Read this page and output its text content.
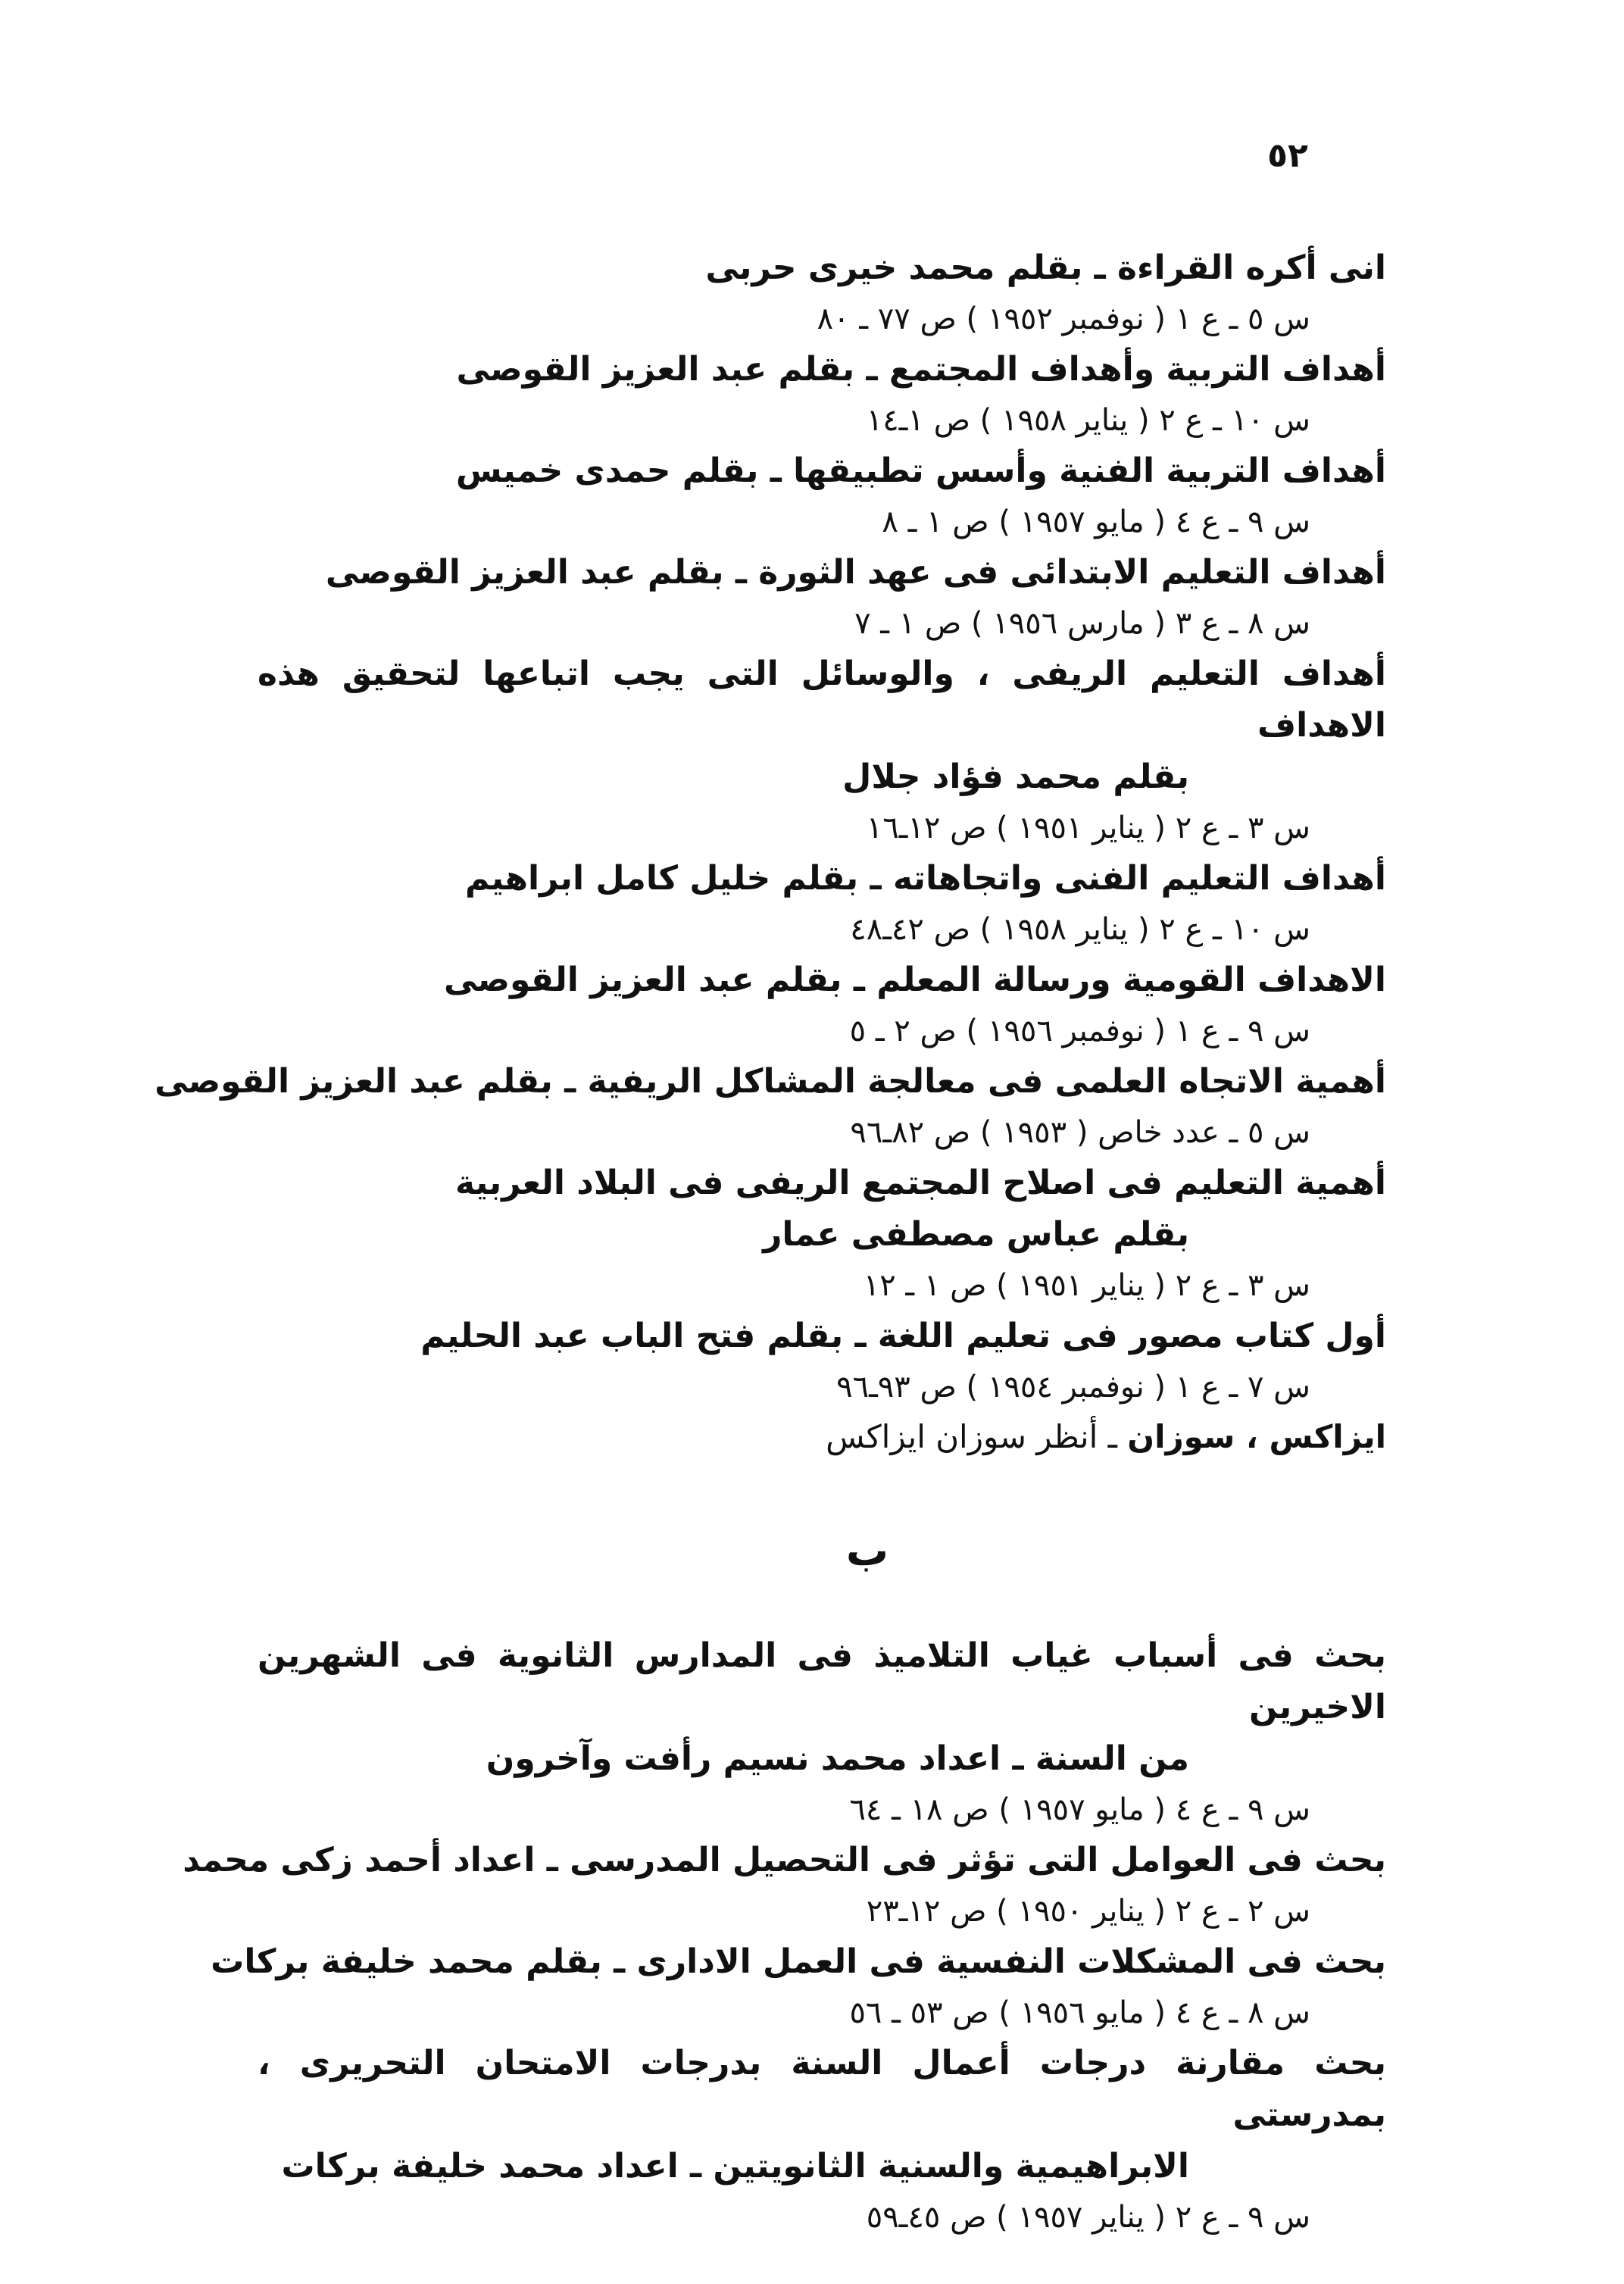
٥٢
انى أكره القراءة ـ بقلم محمد خيرى حربى
س ٥ ـ ع ١ ( نوفمبر ١٩٥٢ ) ص ٧٧ ـ ٨٠
أهداف التربية وأهداف المجتمع ـ بقلم عبد العزيز القوصى
س ١٠ ـ ع ٢ ( يناير ١٩٥٨ ) ص ١ـ١٤
أهداف التربية الفنية وأسس تطبيقها ـ بقلم حمدى خميس
س ٩ ـ ع ٤ ( مايو ١٩٥٧ ) ص ١ ـ ٨
أهداف التعليم الابتدائى فى عهد الثورة ـ بقلم عبد العزيز القوصى
س ٨ ـ ع ٣ ( مارس ١٩٥٦ ) ص ١ ـ ٧
أهداف التعليم الريفى ، والوسائل التى يجب اتباعها لتحقيق هذه الاهداف
بقلم محمد فؤاد جلال
س ٣ ـ ع ٢ ( يناير ١٩٥١ ) ص ١٢ـ١٦
أهداف التعليم الفنى واتجاهاته ـ بقلم خليل كامل ابراهيم
س ١٠ ـ ع ٢ ( يناير ١٩٥٨ ) ص ٤٢ـ٤٨
الاهداف القومية ورسالة المعلم ـ بقلم عبد العزيز القوصى
س ٩ ـ ع ١ ( نوفمبر ١٩٥٦ ) ص ٢ ـ ٥
أهمية الاتجاه العلمى فى معالجة المشاكل الريفية ـ بقلم عبد العزيز القوصى
س ٥ ـ عدد خاص ( ١٩٥٣ ) ص ٨٢ـ٩٦
أهمية التعليم فى اصلاح المجتمع الريفى فى البلاد العربية
بقلم عباس مصطفى عمار
س ٣ ـ ع ٢ ( يناير ١٩٥١ ) ص ١ ـ ١٢
أول كتاب مصور فى تعليم اللغة ـ بقلم فتح الباب عبد الحليم
س ٧ ـ ع ١ ( نوفمبر ١٩٥٤ ) ص ٩٣ـ٩٦
ايزاكس ، سوزان ـ أنظر سوزان ايزاكس
ب
بحث فى أسباب غياب التلاميذ فى المدارس الثانوية فى الشهرين الاخيرين
من السنة ـ اعداد محمد نسيم رأفت وآخرون
س ٩ ـ ع ٤ ( مايو ١٩٥٧ ) ص ١٨ ـ ٦٤
بحث فى العوامل التى تؤثر فى التحصيل المدرسى ـ اعداد أحمد زكى محمد
س ٢ ـ ع ٢ ( يناير ١٩٥٠ ) ص ١٢ـ٢٣
بحث فى المشكلات النفسية فى العمل الادارى ـ بقلم محمد خليفة بركات
س ٨ ـ ع ٤ ( مايو ١٩٥٦ ) ص ٥٣ ـ ٥٦
بحث مقارنة درجات أعمال السنة بدرجات الامتحان التحريرى ، بمدرستى
الابراهيمية والسنية الثانويتين ـ اعداد محمد خليفة بركات
س ٩ ـ ع ٢ ( يناير ١٩٥٧ ) ص ٤٥ـ٥٩
